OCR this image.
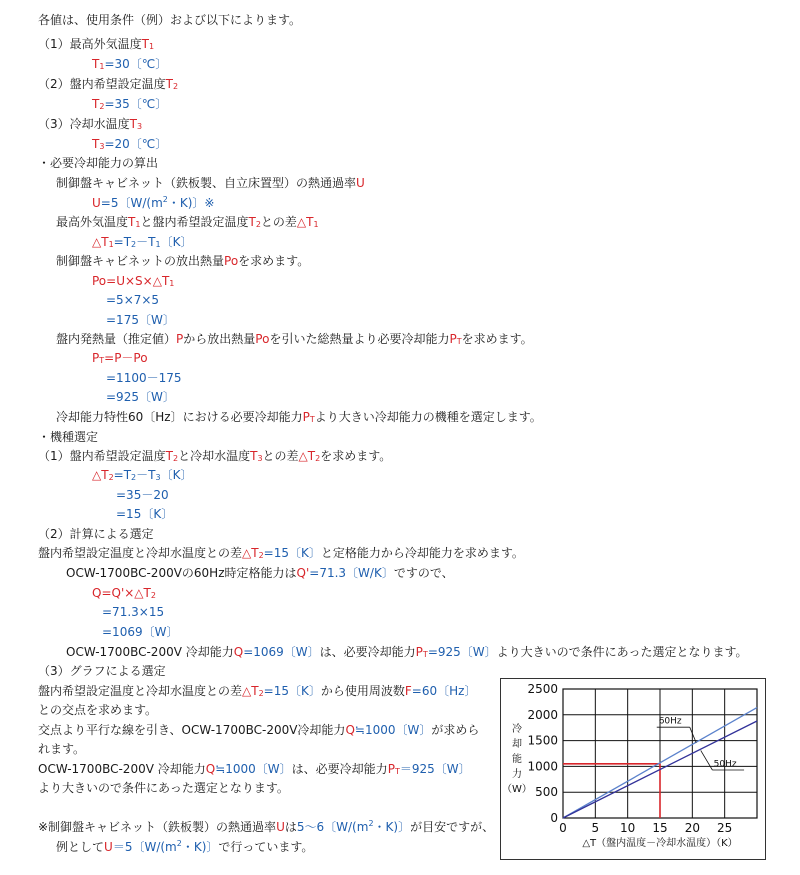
各値は、使用条件（例）および以下によります。
（1）最高外気温度$T_1$
$T_1=30$〔℃〕
（2）盤内希望設定温度$T_2$
$T_2=35$〔℃〕
（3）冷却水温度$T_3$
$T_3=20$〔℃〕
・必要冷却能力の算出
制御盤キャビネット（鉄板製、自立床置型）の熱通過率U
U=5〔$W/(m^2$・K)〕※
最高外気温度$T_1$と盤内希望設定温度$T_2$との差$\triangle T_1$
$\triangle T_1=T_2-T_1$〔K〕
制御盤キャビネットの放出熱量Poを求めます。
$Po=U\times S\times\triangle T_1$
=5×7×5
=175〔W〕
盤内発熱量（推定値）Pから放出熱量Poを引いた総熱量より必要冷却能力$P_T$を求めます。
$P_T=P-Po$
=1100－175
=925〔W〕
冷却能力特性60〔Hz〕における必要冷却能力$P_T$より大きい冷却能力の機種を選定します。
・機種選定
（1）盤内希望設定温度$T_2$と冷却水温度$T_3$との差$\triangle T_2$を求めます。
$\triangle T_2=T_2-T_3$〔K〕
=35－20
=15〔K〕
（2）計算による選定
盤内希望設定温度と冷却水温度との差$\triangle T_2=15$〔K〕と定格能力から冷却能力を求めます。
OCW-1700BC-200Vの60Hz時定格能力はQ'=71.3〔W/K〕ですので、
$Q=Q'\times\triangle T_2$
=71.3×15
=1069〔W〕
OCW-1700BC-200V 冷却能力Q=1069〔W〕は、必要冷却能力$P_T=925$〔W〕より大きいので条件にあった選定となります。
（3）グラフによる選定
盤内希望設定温度と冷却水温度との差$\triangle T_2=15$〔K〕から使用周波数F=60〔Hz〕
との交点を求めます。
交点より平行な線を引き、OCW-1700BC-200V冷却能力Q≒1000〔W〕が求めら
れます。
OCW-1700BC-200V 冷却能力Q≒1000〔W〕は、必要冷却能力$P_T=925$〔W〕
より大きいので条件にあった選定となります。
※制御盤キャビネット（鉄板製）の熱通過率Uは5～6〔$W/(m^2$・K)〕が目安ですが、
例としてU＝5〔$W/(m^2$・K)〕で行っています。
0
500
1000
1500
2000
2500
0 5 10 15 20 25
冷
却
能
力
（W）
△T（盤内温度－冷却水温度）（K）
60Hz
50Hz
